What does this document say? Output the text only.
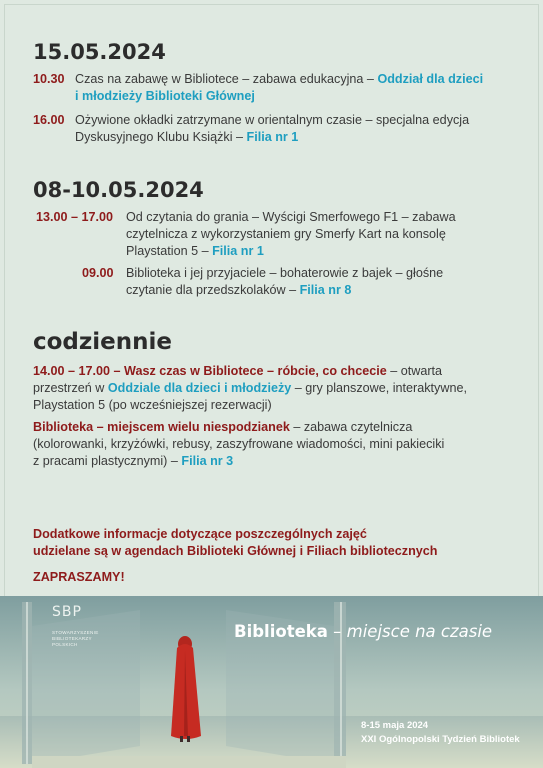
15.05.2024
10.30 Czas na zabawę w Bibliotece – zabawa edukacyjna – Oddział dla dzieci
i młodzieży Biblioteki Głównej
16.00 Ożywione okładki zatrzymane w orientalnym czasie – specjalna edycja
Dyskusyjnego Klubu Książki – Filia nr 1
08-10.05.2024
13.00 – 17.00 Od czytania do grania – Wyścigi Smerfowego F1 – zabawa
czytelnicza z wykorzystaniem gry Smerfy Kart na konsolę
Playstation 5 – Filia nr 1
09.00 Biblioteka i jej przyjaciele – bohaterowie z bajek – głośne
czytanie dla przedszkolaków – Filia nr 8
codziennie
14.00 – 17.00 – Wasz czas w Bibliotece – róbcie, co chcecie – otwarta
przestrzeń w Oddziale dla dzieci i młodzieży – gry planszowe, interaktywne,
Playstation 5 (po wcześniejszej rezerwacji)
Biblioteka – miejscem wielu niespodzianek – zabawa czytelnicza
(kolorowanki, krzyżówki, rebusy, zaszyfrowane wiadomości, mini pakieciki
z pracami plastycznymi) – Filia nr 3
Dodatkowe informacje dotyczące poszczególnych zajęć
udzielane są w agendach Biblioteki Głównej i Filiach bibliotecznych
ZAPRASZAMY!
SBP
STOWARZYSZENIE
BIBLIOTEKARZY
POLSKICH
Biblioteka – miejsce na czasie
8-15 maja 2024
XXI Ogólnopolski Tydzień Bibliotek
